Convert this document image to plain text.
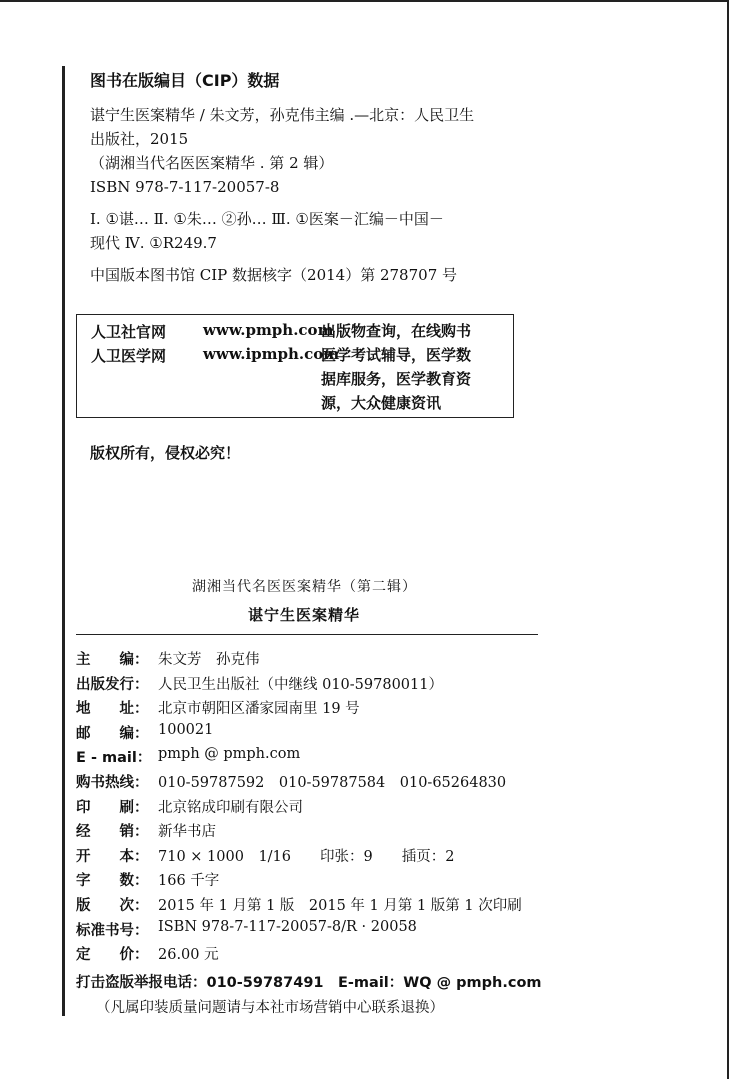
图书在版编目（CIP）数据
谌宁生医案精华 / 朱文芳，孙克伟主编 .—北京：人民卫生
出版社，2015
（湖湘当代名医医案精华 . 第 2 辑）
ISBN 978-7-117-20057-8
Ⅰ. ①谌… Ⅱ. ①朱… ②孙… Ⅲ. ①医案－汇编－中国－
现代 Ⅳ. ①R249.7
中国版本图书馆 CIP 数据核字（2014）第 278707 号
人卫社官网 www.pmph.com
人卫医学网 www.ipmph.com
出版物查询，在线购书
医学考试辅导，医学数
据库服务，医学教育资
源，大众健康资讯
版权所有，侵权必究！
湖湘当代名医医案精华（第二辑）
谌宁生医案精华
主　　编： 朱文芳　孙克伟
出版发行： 人民卫生出版社（中继线 010-59780011）
地　　址： 北京市朝阳区潘家园南里 19 号
邮　　编： 100021
E - mail： pmph @ pmph.com
购书热线： 010-59787592　010-59787584　010-65264830
印　　刷： 北京铭成印刷有限公司
经　　销： 新华书店
开　　本： 710 × 1000　1/16　　印张：9　　插页：2
字　　数： 166 千字
版　　次： 2015 年 1 月第 1 版　2015 年 1 月第 1 版第 1 次印刷
标准书号： ISBN 978-7-117-20057-8/R · 20058
定　　价： 26.00 元
打击盗版举报电话：010-59787491　E-mail：WQ @ pmph.com
（凡属印装质量问题请与本社市场营销中心联系退换）
